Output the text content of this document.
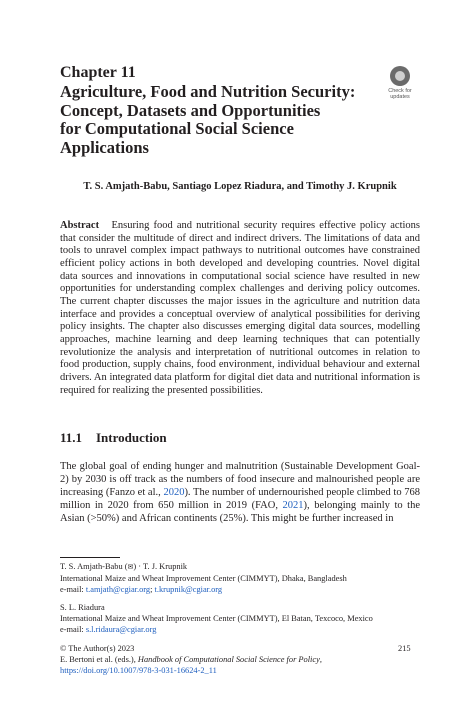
Chapter 11
Agriculture, Food and Nutrition Security:
Concept, Datasets and Opportunities
for Computational Social Science
Applications
Check for
updates
T. S. Amjath-Babu, Santiago Lopez Riadura, and Timothy J. Krupnik
Abstract Ensuring food and nutritional security requires effective policy actions that consider the multitude of direct and indirect drivers. The limitations of data and tools to unravel complex impact pathways to nutritional outcomes have constrained efficient policy actions in both developed and developing countries. Novel digital data sources and innovations in computational social science have resulted in new opportunities for understanding complex challenges and deriving policy outcomes. The current chapter discusses the major issues in the agriculture and nutrition data interface and provides a conceptual overview of analytical possibilities for deriving policy insights. The chapter also discusses emerging digital data sources, modelling approaches, machine learning and deep learning techniques that can potentially revolutionize the analysis and interpretation of nutritional outcomes in relation to food production, supply chains, food environment, individual behaviour and external drivers. An integrated data platform for digital diet data and nutritional information is required for realizing the presented possibilities.
11.1 Introduction
The global goal of ending hunger and malnutrition (Sustainable Development Goal-2) by 2030 is off track as the numbers of food insecure and malnourished people are increasing (Fanzo et al., 2020). The number of undernourished people climbed to 768 million in 2020 from 650 million in 2019 (FAO, 2021), belonging mainly to the Asian (>50%) and African continents (25%). This might be further increased in
T. S. Amjath-Babu (✉) · T. J. Krupnik
International Maize and Wheat Improvement Center (CIMMYT), Dhaka, Bangladesh
e-mail: t.amjath@cgiar.org; t.krupnik@cgiar.org
S. L. Riadura
International Maize and Wheat Improvement Center (CIMMYT), El Batan, Texcoco, Mexico
e-mail: s.l.ridaura@cgiar.org
© The Author(s) 2023
E. Bertoni et al. (eds.), Handbook of Computational Social Science for Policy,
https://doi.org/10.1007/978-3-031-16624-2_11
215
